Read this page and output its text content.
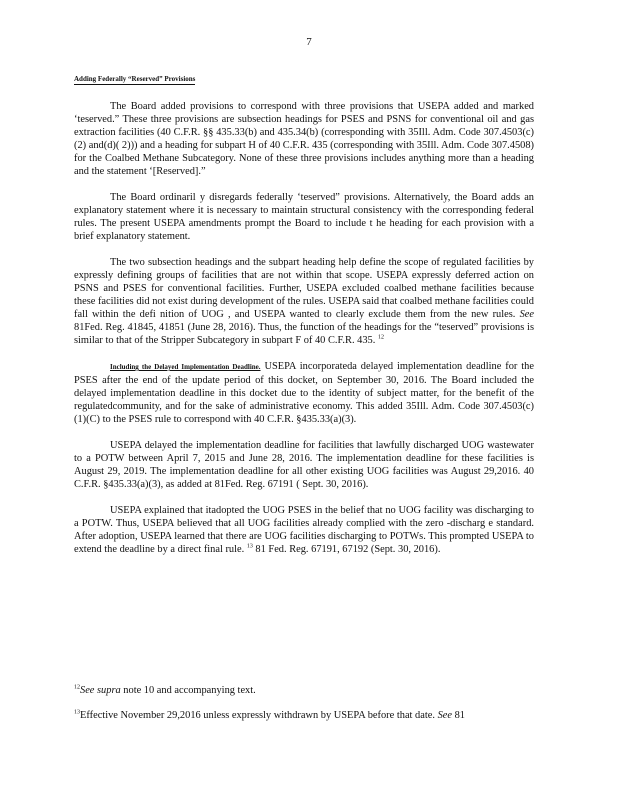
7
Adding Federally “Reserved” Provisions

The Board added provisions to correspond with three provisions that USEPA added and marked ‘teserved.” These three provisions are subsection headings for PSES and PSNS for conventional oil and gas extraction facilities (40 C.F.R. §§ 435.33(b) and 435.34(b) (corresponding with 35Ill. Adm. Code 307.4503(c)(2) and(d)( 2))) and a heading for subpart H of 40 C.F.R. 435 (corresponding with 35Ill. Adm. Code 307.4508) for the Coalbed Methane Subcategory. None of these three provisions includes anything more than a heading and the statement ‘[Reserved].”

The Board ordinaril y disregards federally ‘teserved” provisions. Alternatively, the Board adds an explanatory statement where it is necessary to maintain structural consistency with the corresponding federal rules. The present USEPA amendments prompt the Board to include t he heading for each provision with a brief explanatory statement.

The two subsection headings and the subpart heading help define the scope of regulated facilities by expressly defining groups of facilities that are not within that scope. USEPA expressly deferred action on PSNS and PSES for conventional facilities. Further, USEPA excluded coalbed methane facilities because these facilities did not exist during development of the rules. USEPA said that coalbed methane facilities could fall within the defi nition of UOG , and USEPA wanted to clearly exclude them from the new rules. See 81Fed. Reg. 41845, 41851 (June 28, 2016). Thus, the function of the headings for the “teserved” provisions is similar to that of the Stripper Subcategory in subpart F of 40 C.F.R. 435. $^{12}$

Including the Delayed Implementation Deadline. USEPA incorporateda delayed implementation deadline for the PSES after the end of the update period of this docket, on September 30, 2016. The Board included the delayed implementation deadline in this docket due to the identity of subject matter, for the benefit of the regulatedcommunity, and for the sake of administrative economy. This added 35Ill. Adm. Code 307.4503(c)(1)(C) to the PSES rule to correspond with 40 C.F.R. §435.33(a)(3).

USEPA delayed the implementation deadline for facilities that lawfully discharged UOG wastewater to a POTW between April 7, 2015 and June 28, 2016. The implementation deadline for these facilities is August 29, 2019. The implementation deadline for all other existing UOG facilities was August 29,2016. 40 C.F.R. §435.33(a)(3), as added at 81Fed. Reg. 67191 ( Sept. 30, 2016).

USEPA explained that itadopted the UOG PSES in the belief that no UOG facility was discharging to a POTW. Thus, USEPA believed that all UOG facilities already complied with the zero -discharg e standard. After adoption, USEPA learned that there are UOG facilities discharging to POTWs. This prompted USEPA to extend the deadline by a direct final rule. $^{13}$ 81 Fed. Reg. 67191, 67192 (Sept. 30, 2016).

$^{12}$See supra note 10 and accompanying text.
$^{13}$Effective November 29,2016 unless expressly withdrawn by USEPA before that date. See 81
